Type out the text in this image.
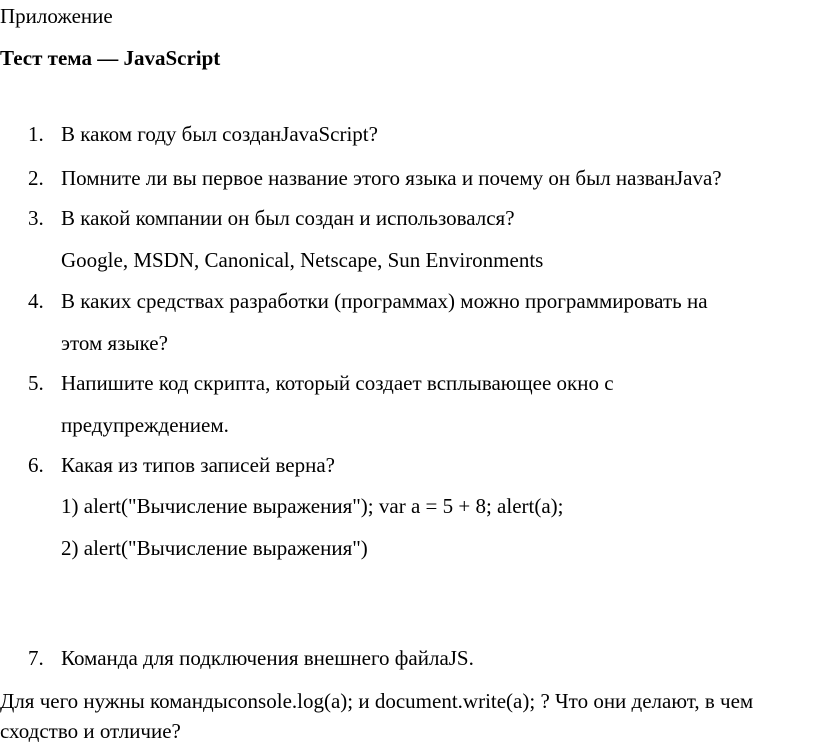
Приложение
Тест тема — JavaScript
1. В каком году был созданJavaScript?
2. Помните ли вы первое название этого языка и почему он был названJava?
3. В какой компании он был создан и использовался?
Google, MSDN, Canonical, Netscape, Sun Environments
4. В каких средствах разработки (программах) можно программировать на
этом языке?
5. Напишите код скрипта, который создает всплывающее окно с
предупреждением.
6. Какая из типов записей верна?
1) alert("Вычисление выражения"); var a = 5 + 8; alert(a);
2) alert("Вычисление выражения")
7. Команда для подключения внешнего файлаJS.
Для чего нужны командыconsole.log(a); и document.write(a); ? Что они делают, в чем сходство и отличие?
